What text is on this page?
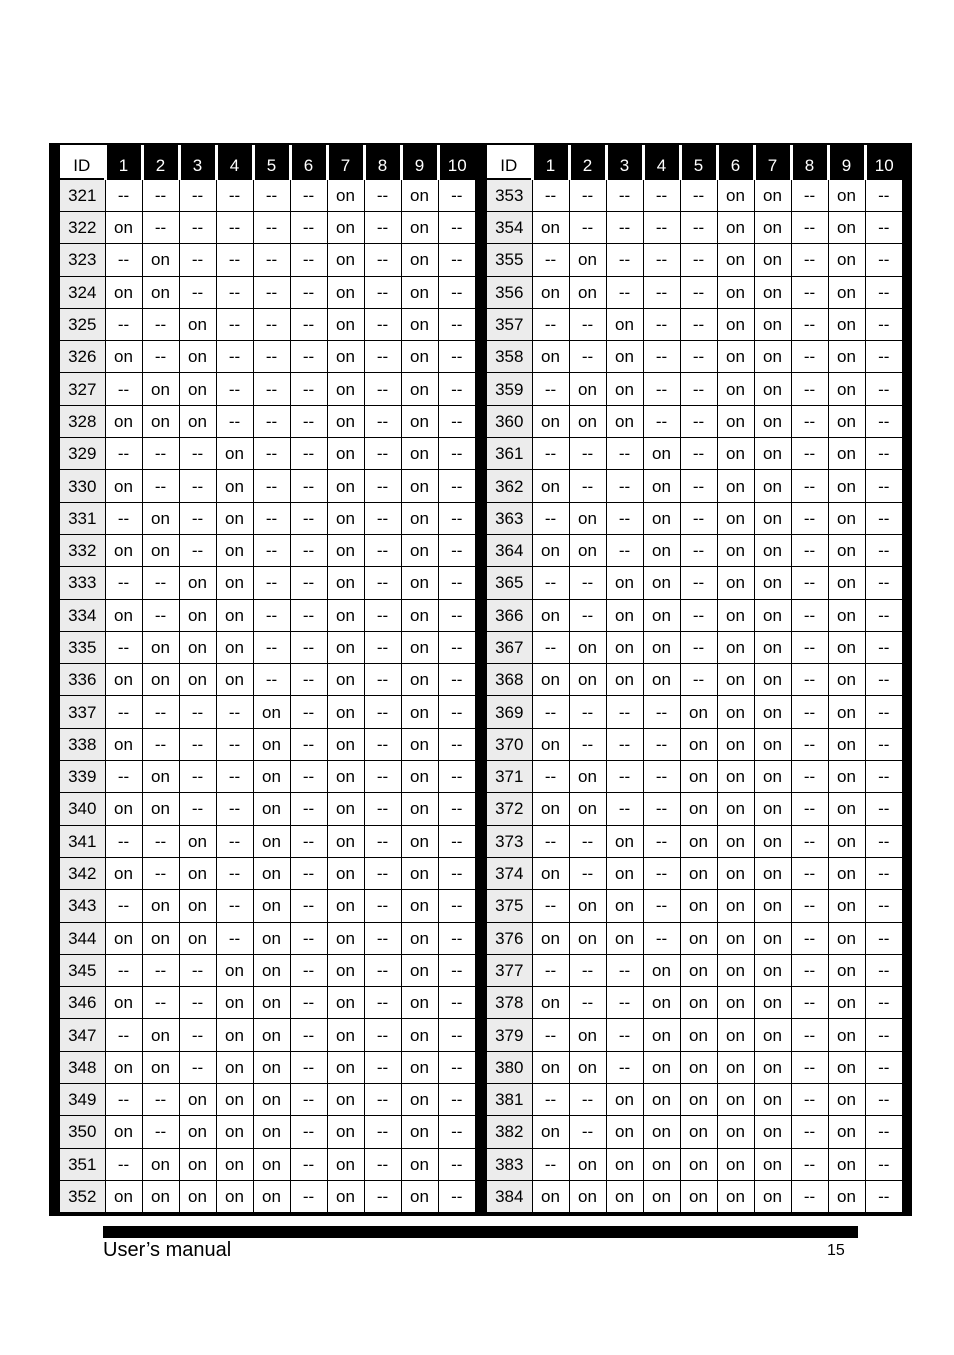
ID	1	2	3	4	5	6	7	8	9	10
321	--	--	--	--	--	--	on	--	on	--
322	on	--	--	--	--	--	on	--	on	--
323	--	on	--	--	--	--	on	--	on	--
324	on	on	--	--	--	--	on	--	on	--
325	--	--	on	--	--	--	on	--	on	--
326	on	--	on	--	--	--	on	--	on	--
327	--	on	on	--	--	--	on	--	on	--
328	on	on	on	--	--	--	on	--	on	--
329	--	--	--	on	--	--	on	--	on	--
330	on	--	--	on	--	--	on	--	on	--
331	--	on	--	on	--	--	on	--	on	--
332	on	on	--	on	--	--	on	--	on	--
333	--	--	on	on	--	--	on	--	on	--
334	on	--	on	on	--	--	on	--	on	--
335	--	on	on	on	--	--	on	--	on	--
336	on	on	on	on	--	--	on	--	on	--
337	--	--	--	--	on	--	on	--	on	--
338	on	--	--	--	on	--	on	--	on	--
339	--	on	--	--	on	--	on	--	on	--
340	on	on	--	--	on	--	on	--	on	--
341	--	--	on	--	on	--	on	--	on	--
342	on	--	on	--	on	--	on	--	on	--
343	--	on	on	--	on	--	on	--	on	--
344	on	on	on	--	on	--	on	--	on	--
345	--	--	--	on	on	--	on	--	on	--
346	on	--	--	on	on	--	on	--	on	--
347	--	on	--	on	on	--	on	--	on	--
348	on	on	--	on	on	--	on	--	on	--
349	--	--	on	on	on	--	on	--	on	--
350	on	--	on	on	on	--	on	--	on	--
351	--	on	on	on	on	--	on	--	on	--
352	on	on	on	on	on	--	on	--	on	--
ID	1	2	3	4	5	6	7	8	9	10
353	--	--	--	--	--	on	on	--	on	--
354	on	--	--	--	--	on	on	--	on	--
355	--	on	--	--	--	on	on	--	on	--
356	on	on	--	--	--	on	on	--	on	--
357	--	--	on	--	--	on	on	--	on	--
358	on	--	on	--	--	on	on	--	on	--
359	--	on	on	--	--	on	on	--	on	--
360	on	on	on	--	--	on	on	--	on	--
361	--	--	--	on	--	on	on	--	on	--
362	on	--	--	on	--	on	on	--	on	--
363	--	on	--	on	--	on	on	--	on	--
364	on	on	--	on	--	on	on	--	on	--
365	--	--	on	on	--	on	on	--	on	--
366	on	--	on	on	--	on	on	--	on	--
367	--	on	on	on	--	on	on	--	on	--
368	on	on	on	on	--	on	on	--	on	--
369	--	--	--	--	on	on	on	--	on	--
370	on	--	--	--	on	on	on	--	on	--
371	--	on	--	--	on	on	on	--	on	--
372	on	on	--	--	on	on	on	--	on	--
373	--	--	on	--	on	on	on	--	on	--
374	on	--	on	--	on	on	on	--	on	--
375	--	on	on	--	on	on	on	--	on	--
376	on	on	on	--	on	on	on	--	on	--
377	--	--	--	on	on	on	on	--	on	--
378	on	--	--	on	on	on	on	--	on	--
379	--	on	--	on	on	on	on	--	on	--
380	on	on	--	on	on	on	on	--	on	--
381	--	--	on	on	on	on	on	--	on	--
382	on	--	on	on	on	on	on	--	on	--
383	--	on	on	on	on	on	on	--	on	--
384	on	on	on	on	on	on	on	--	on	--
User’s manual	15
